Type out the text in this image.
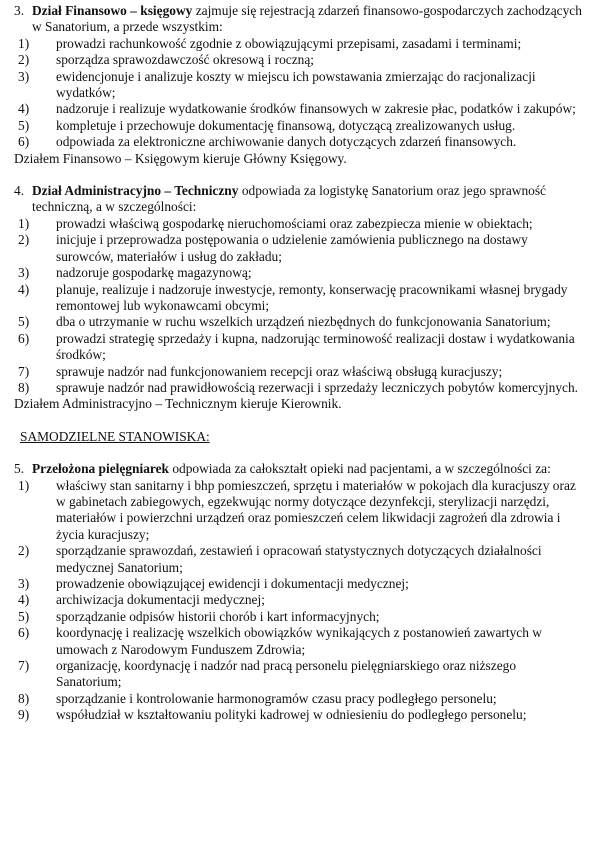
3. Dział Finansowo – księgowy zajmuje się rejestracją zdarzeń finansowo-gospodarczych zachodzących w Sanatorium, a przede wszystkim:
1)	prowadzi rachunkowość zgodnie z obowiązującymi przepisami, zasadami i terminami;
2)	sporządza sprawozdawczość okresową i roczną;
3)	ewidencjonuje i analizuje koszty w miejscu ich powstawania zmierzając do racjonalizacji wydatków;
4)	nadzoruje i realizuje wydatkowanie środków finansowych w zakresie płac, podatków i zakupów;
5)	kompletuje i przechowuje dokumentację finansową, dotyczącą zrealizowanych usług.
6)	odpowiada za elektroniczne archiwowanie danych dotyczących zdarzeń finansowych.

Działem Finansowo – Księgowym kieruje Główny Księgowy.

4. Dział Administracyjno – Techniczny odpowiada za logistykę Sanatorium oraz jego sprawność techniczną, a w szczególności:
1)	prowadzi właściwą gospodarkę nieruchomościami oraz zabezpiecza mienie w obiektach;
2)	inicjuje i przeprowadza postępowania o udzielenie zamówienia publicznego na dostawy surowców, materiałów i usług do zakładu;
3)	nadzoruje gospodarkę magazynową;
4)	planuje, realizuje i nadzoruje inwestycje, remonty, konserwację pracownikami własnej brygady remontowej lub wykonawcami obcymi;
5)	dba o utrzymanie w ruchu wszelkich urządzeń niezbędnych do funkcjonowania Sanatorium;
6)	prowadzi strategię sprzedaży i kupna, nadzorując terminowość realizacji dostaw i wydatkowania środków;
7)	sprawuje nadzór nad funkcjonowaniem recepcji oraz właściwą obsługą kuracjuszy;
8)	sprawuje nadzór nad prawidłowością rezerwacji i sprzedaży leczniczych pobytów komercyjnych.

Działem Administracyjno – Technicznym kieruje Kierownik.

SAMODZIELNE STANOWISKA:

5. Przełożona pielęgniarek odpowiada za całokształt opieki nad pacjentami, a w szczególności za:
1)	właściwy stan sanitarny i bhp pomieszczeń, sprzętu i materiałów w pokojach dla kuracjuszy oraz w gabinetach zabiegowych, egzekwując normy dotyczące dezynfekcji, sterylizacji narzędzi, materiałów i powierzchni urządzeń oraz pomieszczeń celem likwidacji zagrożeń dla zdrowia i życia kuracjuszy;
2)	sporządzanie sprawozdań, zestawień i opracowań statystycznych dotyczących działalności medycznej Sanatorium;
3)	prowadzenie obowiązującej ewidencji i dokumentacji medycznej;
4)	archiwizacja dokumentacji medycznej;
5)	sporządzanie odpisów historii chorób i kart informacyjnych;
6)	koordynację i realizację wszelkich obowiązków wynikających z postanowień zawartych w umowach z Narodowym Funduszem Zdrowia;
7)	organizację, koordynację i nadzór nad pracą personelu pielęgniarskiego oraz niższego Sanatorium;
8)	sporządzanie i kontrolowanie harmonogramów czasu pracy podległego personelu;
9)	współudział w kształtowaniu polityki kadrowej w odniesieniu do podległego personelu;
